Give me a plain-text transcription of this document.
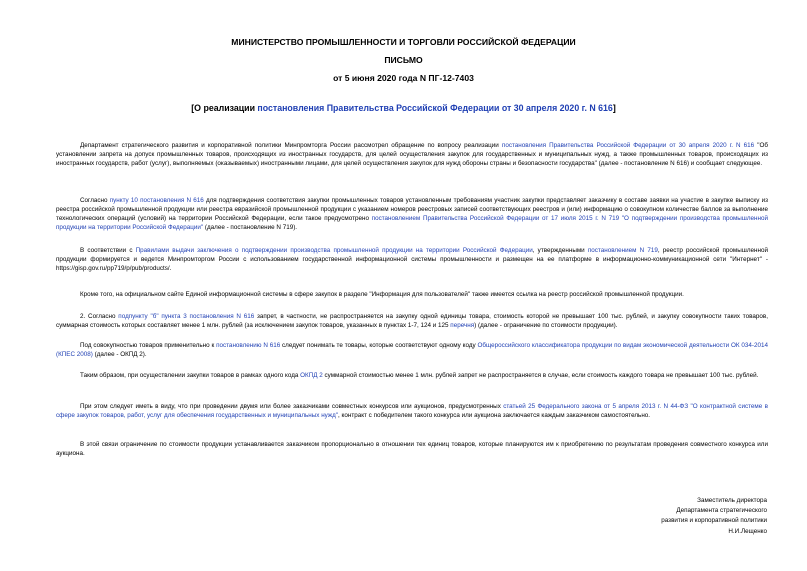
МИНИСТЕРСТВО ПРОМЫШЛЕННОСТИ И ТОРГОВЛИ РОССИЙСКОЙ ФЕДЕРАЦИИ
ПИСЬМО
от 5 июня 2020 года N ПГ-12-7403
[О реализации постановления Правительства Российской Федерации от 30 апреля 2020 г. N 616]
Департамент стратегического развития и корпоративной политики Минпромторга России рассмотрел обращение по вопросу реализации постановления Правительства Российской Федерации от 30 апреля 2020 г. N 616 "Об установлении запрета на допуск промышленных товаров, происходящих из иностранных государств, для целей осуществления закупок для государственных и муниципальных нужд, а также промышленных товаров, происходящих из иностранных государств, работ (услуг), выполняемых (оказываемых) иностранными лицами, для целей осуществления закупок для нужд обороны страны и безопасности государства" (далее - постановление N 616) и сообщает следующее.
Согласно пункту 10 постановления N 616 для подтверждения соответствия закупки промышленных товаров установленным требованиям участник закупки представляет заказчику в составе заявки на участие в закупке выписку из реестра российской промышленной продукции или реестра евразийской промышленной продукции с указанием номеров реестровых записей соответствующих реестров и (или) информацию о совокупном количестве баллов за выполнение технологических операций (условий) на территории Российской Федерации, если такое предусмотрено постановлением Правительства Российской Федерации от 17 июля 2015 г. N 719 "О подтверждении производства промышленной продукции на территории Российской Федерации" (далее - постановление N 719).
В соответствии с Правилами выдачи заключения о подтверждении производства промышленной продукции на территории Российской Федерации, утвержденными постановлением N 719, реестр российской промышленной продукции формируется и ведется Минпромторгом России с использованием государственной информационной системы промышленности и размещен на ее платформе в информационно-коммуникационной сети "Интернет" -https://gisp.gov.ru/pp719/p/pub/products/.
Кроме того, на официальном сайте Единой информационной системы в сфере закупок в разделе "Информация для пользователей" также имеется ссылка на реестр российской промышленной продукции.
2. Согласно подпункту "б" пункта 3 постановления N 616 запрет, в частности, не распространяется на закупку одной единицы товара, стоимость которой не превышает 100 тыс. рублей, и закупку совокупности таких товаров, суммарная стоимость которых составляет менее 1 млн. рублей (за исключением закупок товаров, указанных в пунктах 1-7, 124 и 125 перечня) (далее - ограничение по стоимости продукции).
Под совокупностью товаров применительно к постановлению N 616 следует понимать те товары, которые соответствуют одному коду Общероссийского классификатора продукции по видам экономической деятельности ОК 034-2014 (КПЕС 2008) (далее - ОКПД 2).
Таким образом, при осуществлении закупки товаров в рамках одного кода ОКПД 2 суммарной стоимостью менее 1 млн. рублей запрет не распространяется в случае, если стоимость каждого товара не превышает 100 тыс. рублей.
При этом следует иметь в виду, что при проведении двумя или более заказчиками совместных конкурсов или аукционов, предусмотренных статьей 25 Федерального закона от 5 апреля 2013 г. N 44-ФЗ "О контрактной системе в сфере закупок товаров, работ, услуг для обеспечения государственных и муниципальных нужд", контракт с победителем такого конкурса или аукциона заключается каждым заказчиком самостоятельно.
В этой связи ограничение по стоимости продукции устанавливается заказчиком пропорционально в отношении тех единиц товаров, которые планируются им к приобретению по результатам проведения совместного конкурса или аукциона.
Заместитель директора
Департамента стратегического
развития и корпоративной политики
Н.И.Лещенко
